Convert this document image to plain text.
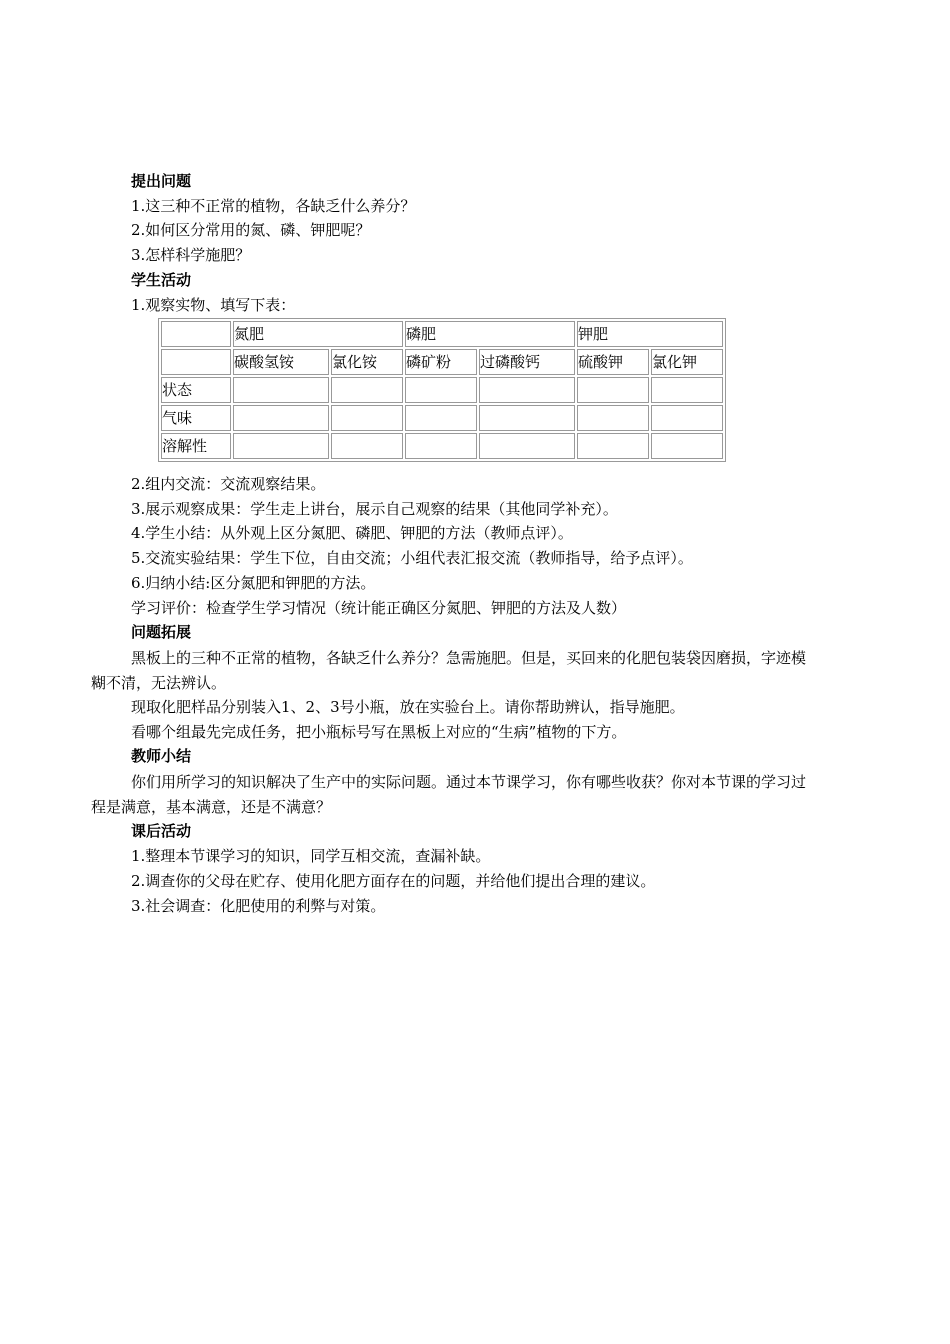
提出问题
1.这三种不正常的植物，各缺乏什么养分？
2.如何区分常用的氮、磷、钾肥呢？
3.怎样科学施肥？
学生活动
1.观察实物、填写下表：
	氮肥		磷肥		钾肥	
	碳酸氢铵	氯化铵	磷矿粉	过磷酸钙	硫酸钾	氯化钾
状态						
气味						
溶解性						
2.组内交流：交流观察结果。
3.展示观察成果：学生走上讲台，展示自己观察的结果（其他同学补充）。
4.学生小结：从外观上区分氮肥、磷肥、钾肥的方法（教师点评）。
5.交流实验结果：学生下位，自由交流；小组代表汇报交流（教师指导，给予点评）。
6.归纳小结:区分氮肥和钾肥的方法。
学习评价：检查学生学习情况（统计能正确区分氮肥、钾肥的方法及人数）
问题拓展
黑板上的三种不正常的植物，各缺乏什么养分？急需施肥。但是，买回来的化肥包装袋因磨损，字迹模糊不清，无法辨认。
现取化肥样品分别装入1、2、3号小瓶，放在实验台上。请你帮助辨认，指导施肥。
看哪个组最先完成任务，把小瓶标号写在黑板上对应的“生病”植物的下方。
教师小结
你们用所学习的知识解决了生产中的实际问题。通过本节课学习，你有哪些收获？你对本节课的学习过程是满意，基本满意，还是不满意？
课后活动
1.整理本节课学习的知识，同学互相交流，查漏补缺。
2.调查你的父母在贮存、使用化肥方面存在的问题，并给他们提出合理的建议。
3.社会调查：化肥使用的利弊与对策。
